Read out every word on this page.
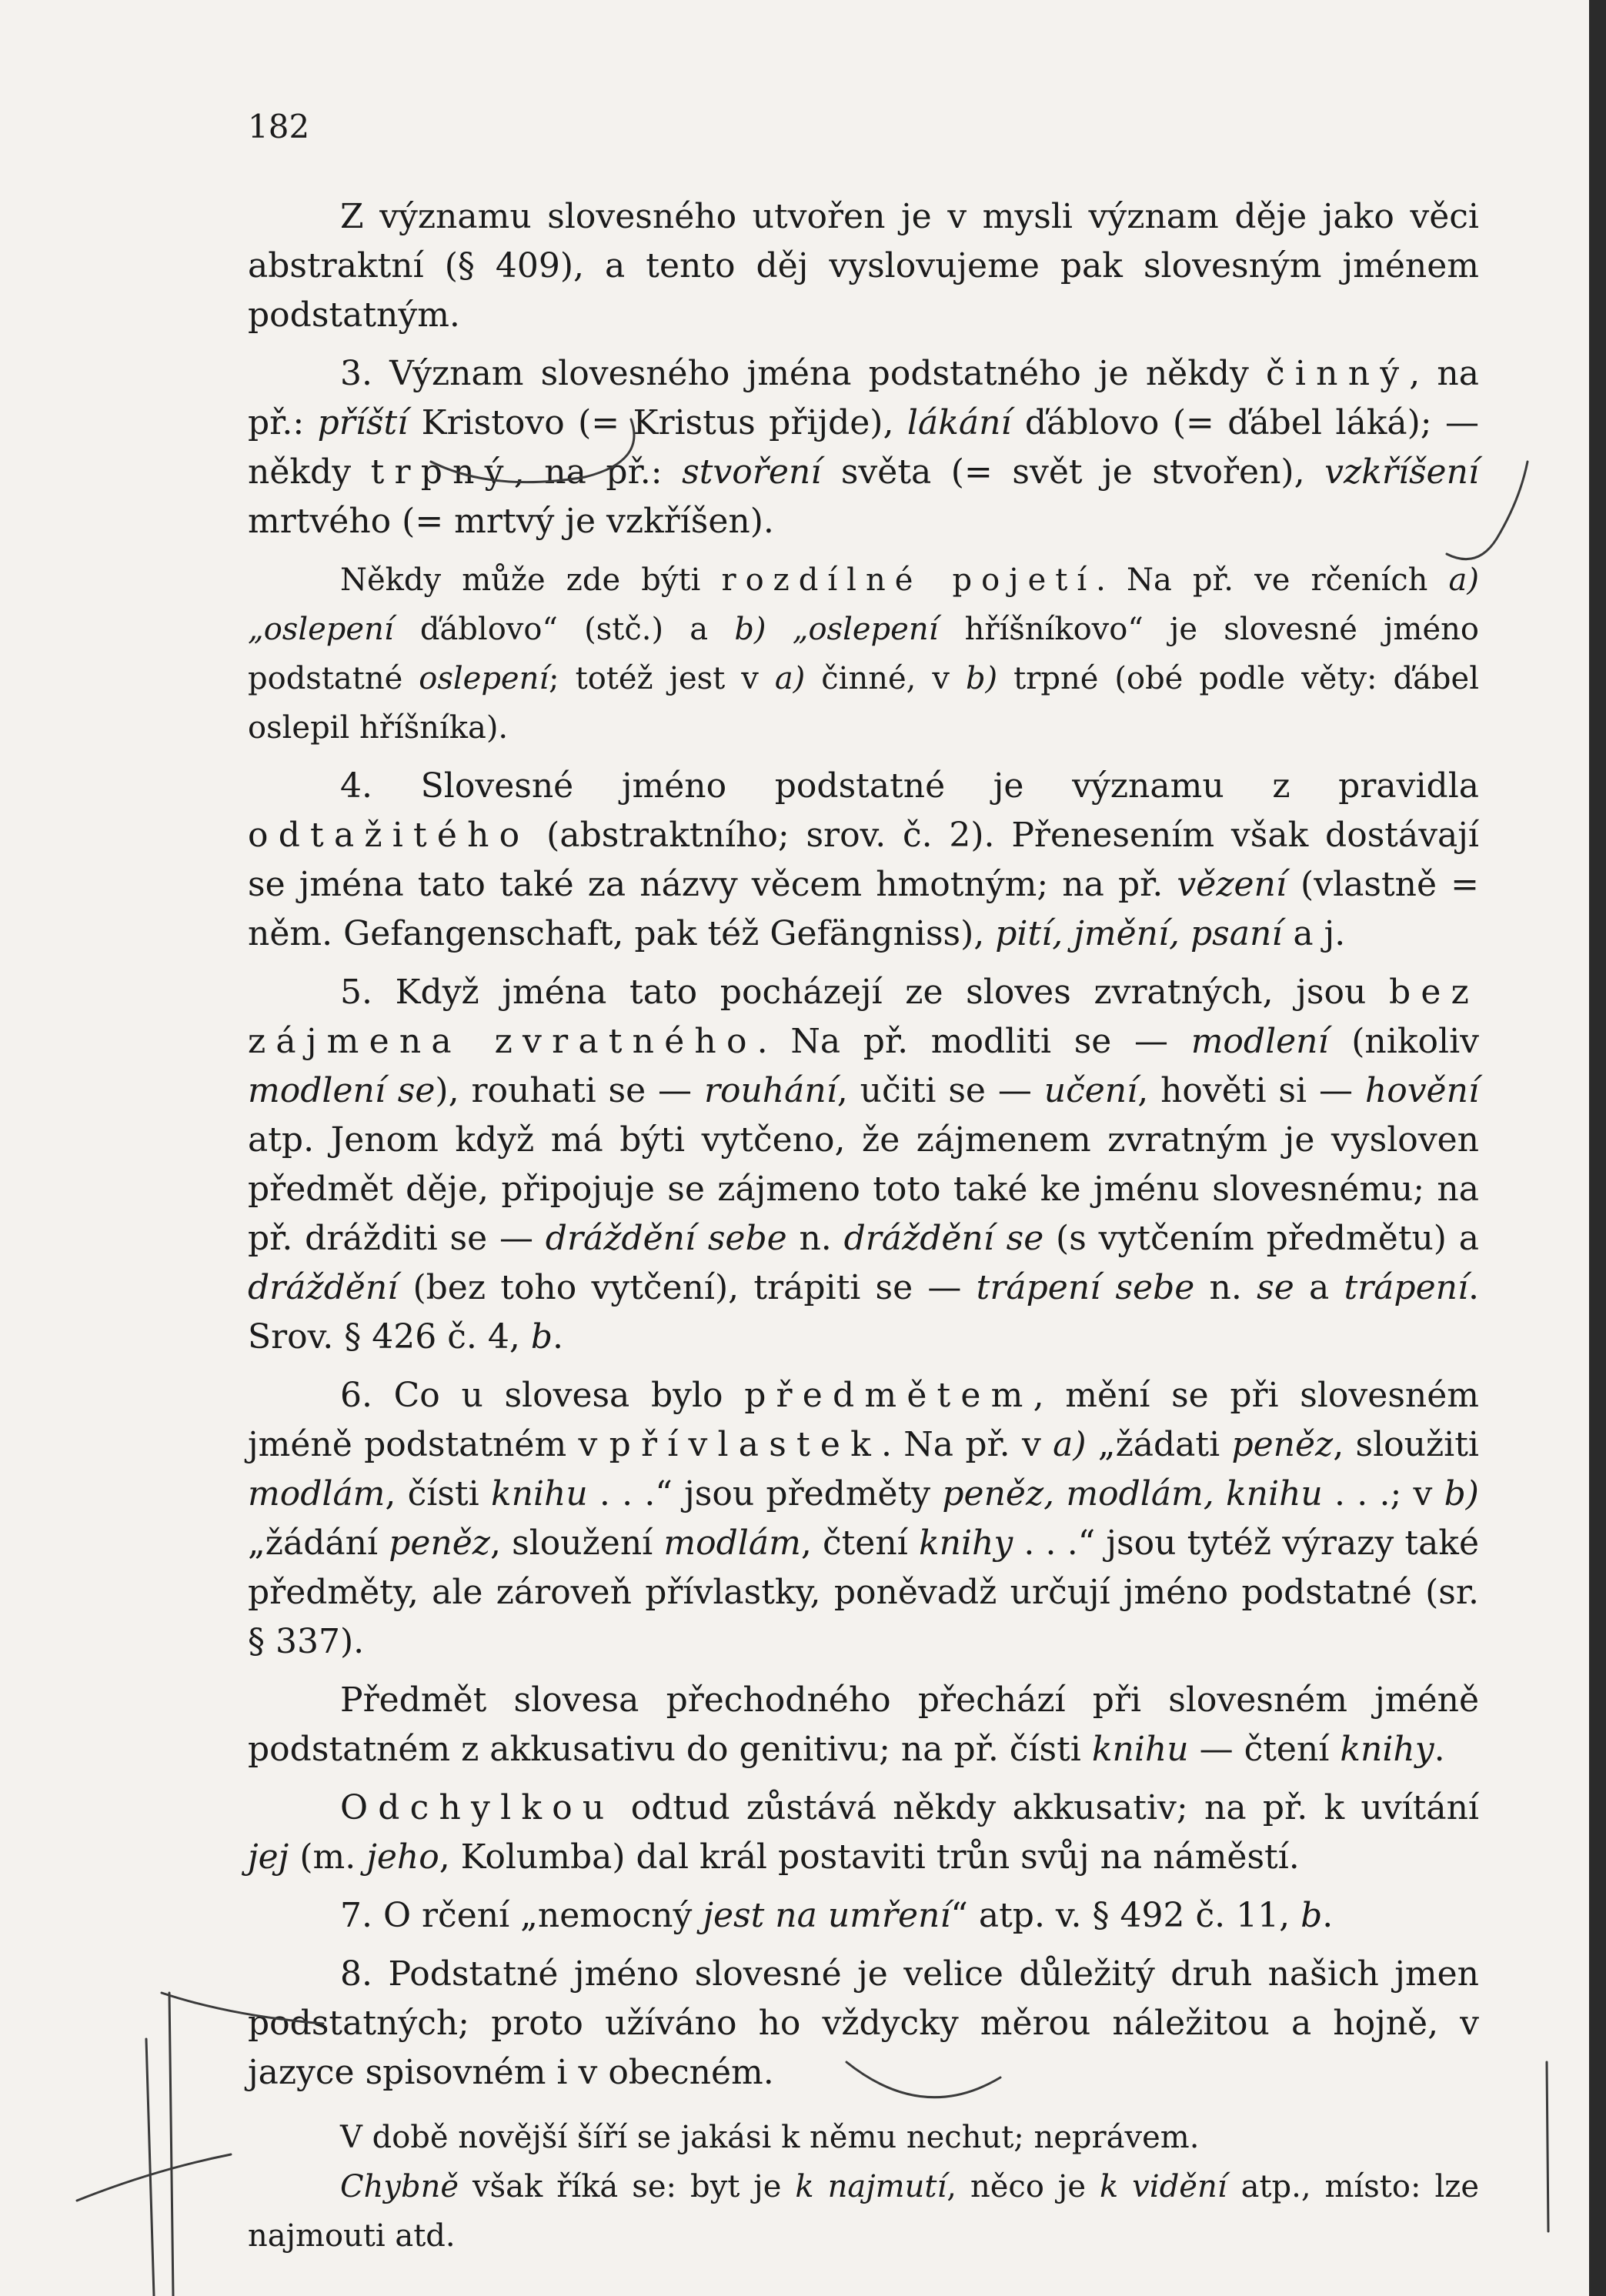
182

Z významu slovesného utvořen je v mysli význam děje jako věci abstraktní (§ 409), a tento děj vyslovujeme pak slovesným jménem podstatným.

3. Význam slovesného jména podstatného je někdy činný, na př.: příští Kristovo (= Kristus přijde), lákání ďáblovo (= ďábel láká); — někdy trpný, na př.: stvoření světa (= svět je stvořen), vzkříšení mrtvého (= mrtvý je vzkříšen).

Někdy může zde býti rozdílné pojetí. Na př. ve rčeních a) „oslepení ďáblovo“ (stč.) a b) „oslepení hříšníkovo“ je slovesné jméno podstatné oslepení; totéž jest v a) činné, v b) trpné (obé podle věty: ďábel oslepil hříšníka).

4. Slovesné jméno podstatné je významu z pravidla odtažitého (abstraktního; srov. č. 2). Přenesením však dostávají se jména tato také za názvy věcem hmotným; na př. vězení (vlastně = něm. Gefangenschaft, pak též Gefängniss), pití, jmění, psaní a j.

5. Když jména tato pocházejí ze sloves zvratných, jsou bez zájmena zvratného. Na př. modliti se — modlení (nikoliv modlení se), rouhati se — rouhání, učiti se — učení, hověti si — hovění atp. Jenom když má býti vytčeno, že zájmenem zvratným je vysloven předmět děje, připojuje se zájmeno toto také ke jménu slovesnému; na př. drážditi se — dráždění sebe n. dráždění se (s vytčením předmětu) a dráždění (bez toho vytčení), trápiti se — trápení sebe n. se a trápení. Srov. § 426 č. 4, b.

6. Co u slovesa bylo předmětem, mění se při slovesném jméně podstatném v přívlastek. Na př. v a) „žádati peněz, sloužiti modlám, čísti knihu . . .“ jsou předměty peněz, modlám, knihu . . .; v b) „žádání peněz, sloužení modlám, čtení knihy . . .“ jsou tytéž výrazy také předměty, ale zároveň přívlastky, poněvadž určují jméno podstatné (sr. § 337).

Předmět slovesa přechodného přechází při slovesném jméně podstatném z akkusativu do genitivu; na př. čísti knihu — čtení knihy.

Odchylkou odtud zůstává někdy akkusativ; na př. k uvítání jej (m. jeho, Kolumba) dal král postaviti trůn svůj na náměstí.

7. O rčení „nemocný jest na umření“ atp. v. § 492 č. 11, b.

8. Podstatné jméno slovesné je velice důležitý druh našich jmen podstatných; proto užíváno ho vždycky měrou náležitou a hojně, v jazyce spisovném i v obecném.

V době novější šíří se jakási k němu nechut; neprávem.

Chybně však říká se: byt je k najmutí, něco je k vidění atp., místo: lze najmouti atd.
